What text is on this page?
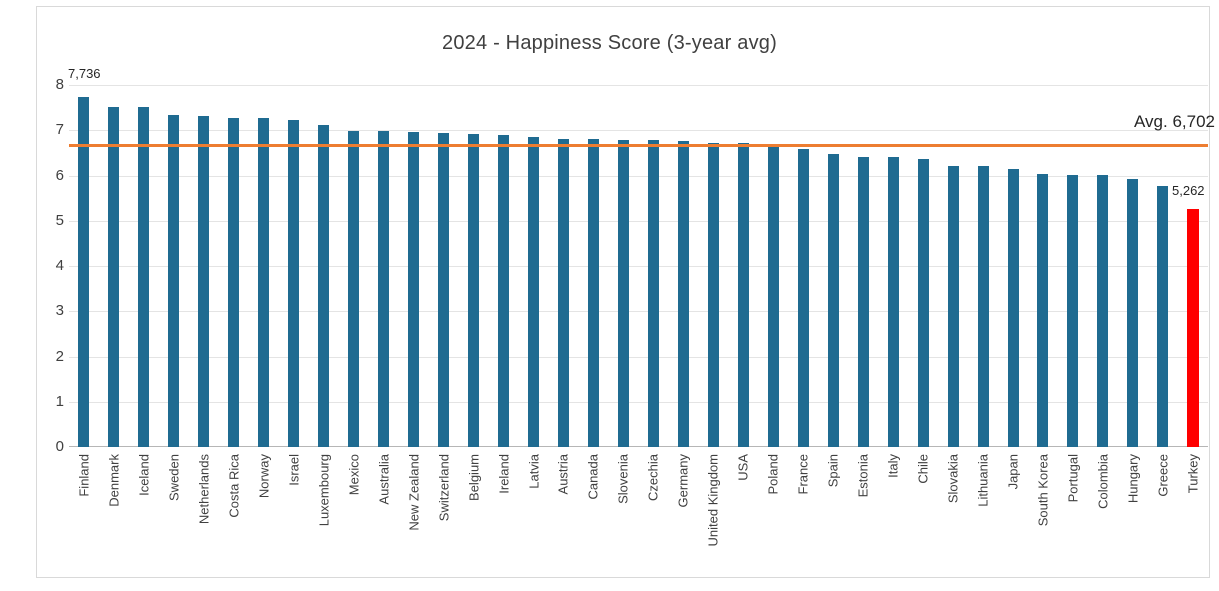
2024 - Happiness Score (3-year avg)
8
7
6
5
4
3
2
1
0
Avg. 6,702
7,736
5,262
Finland Denmark Iceland Sweden Netherlands Costa Rica Norway Israel Luxembourg Mexico Australia New Zealand Switzerland Belgium Ireland Latvia Austria Canada Slovenia Czechia Germany United Kingdom USA Poland France Spain Estonia Italy Chile Slovakia Lithuania Japan South Korea Portugal Colombia Hungary Greece Turkey
